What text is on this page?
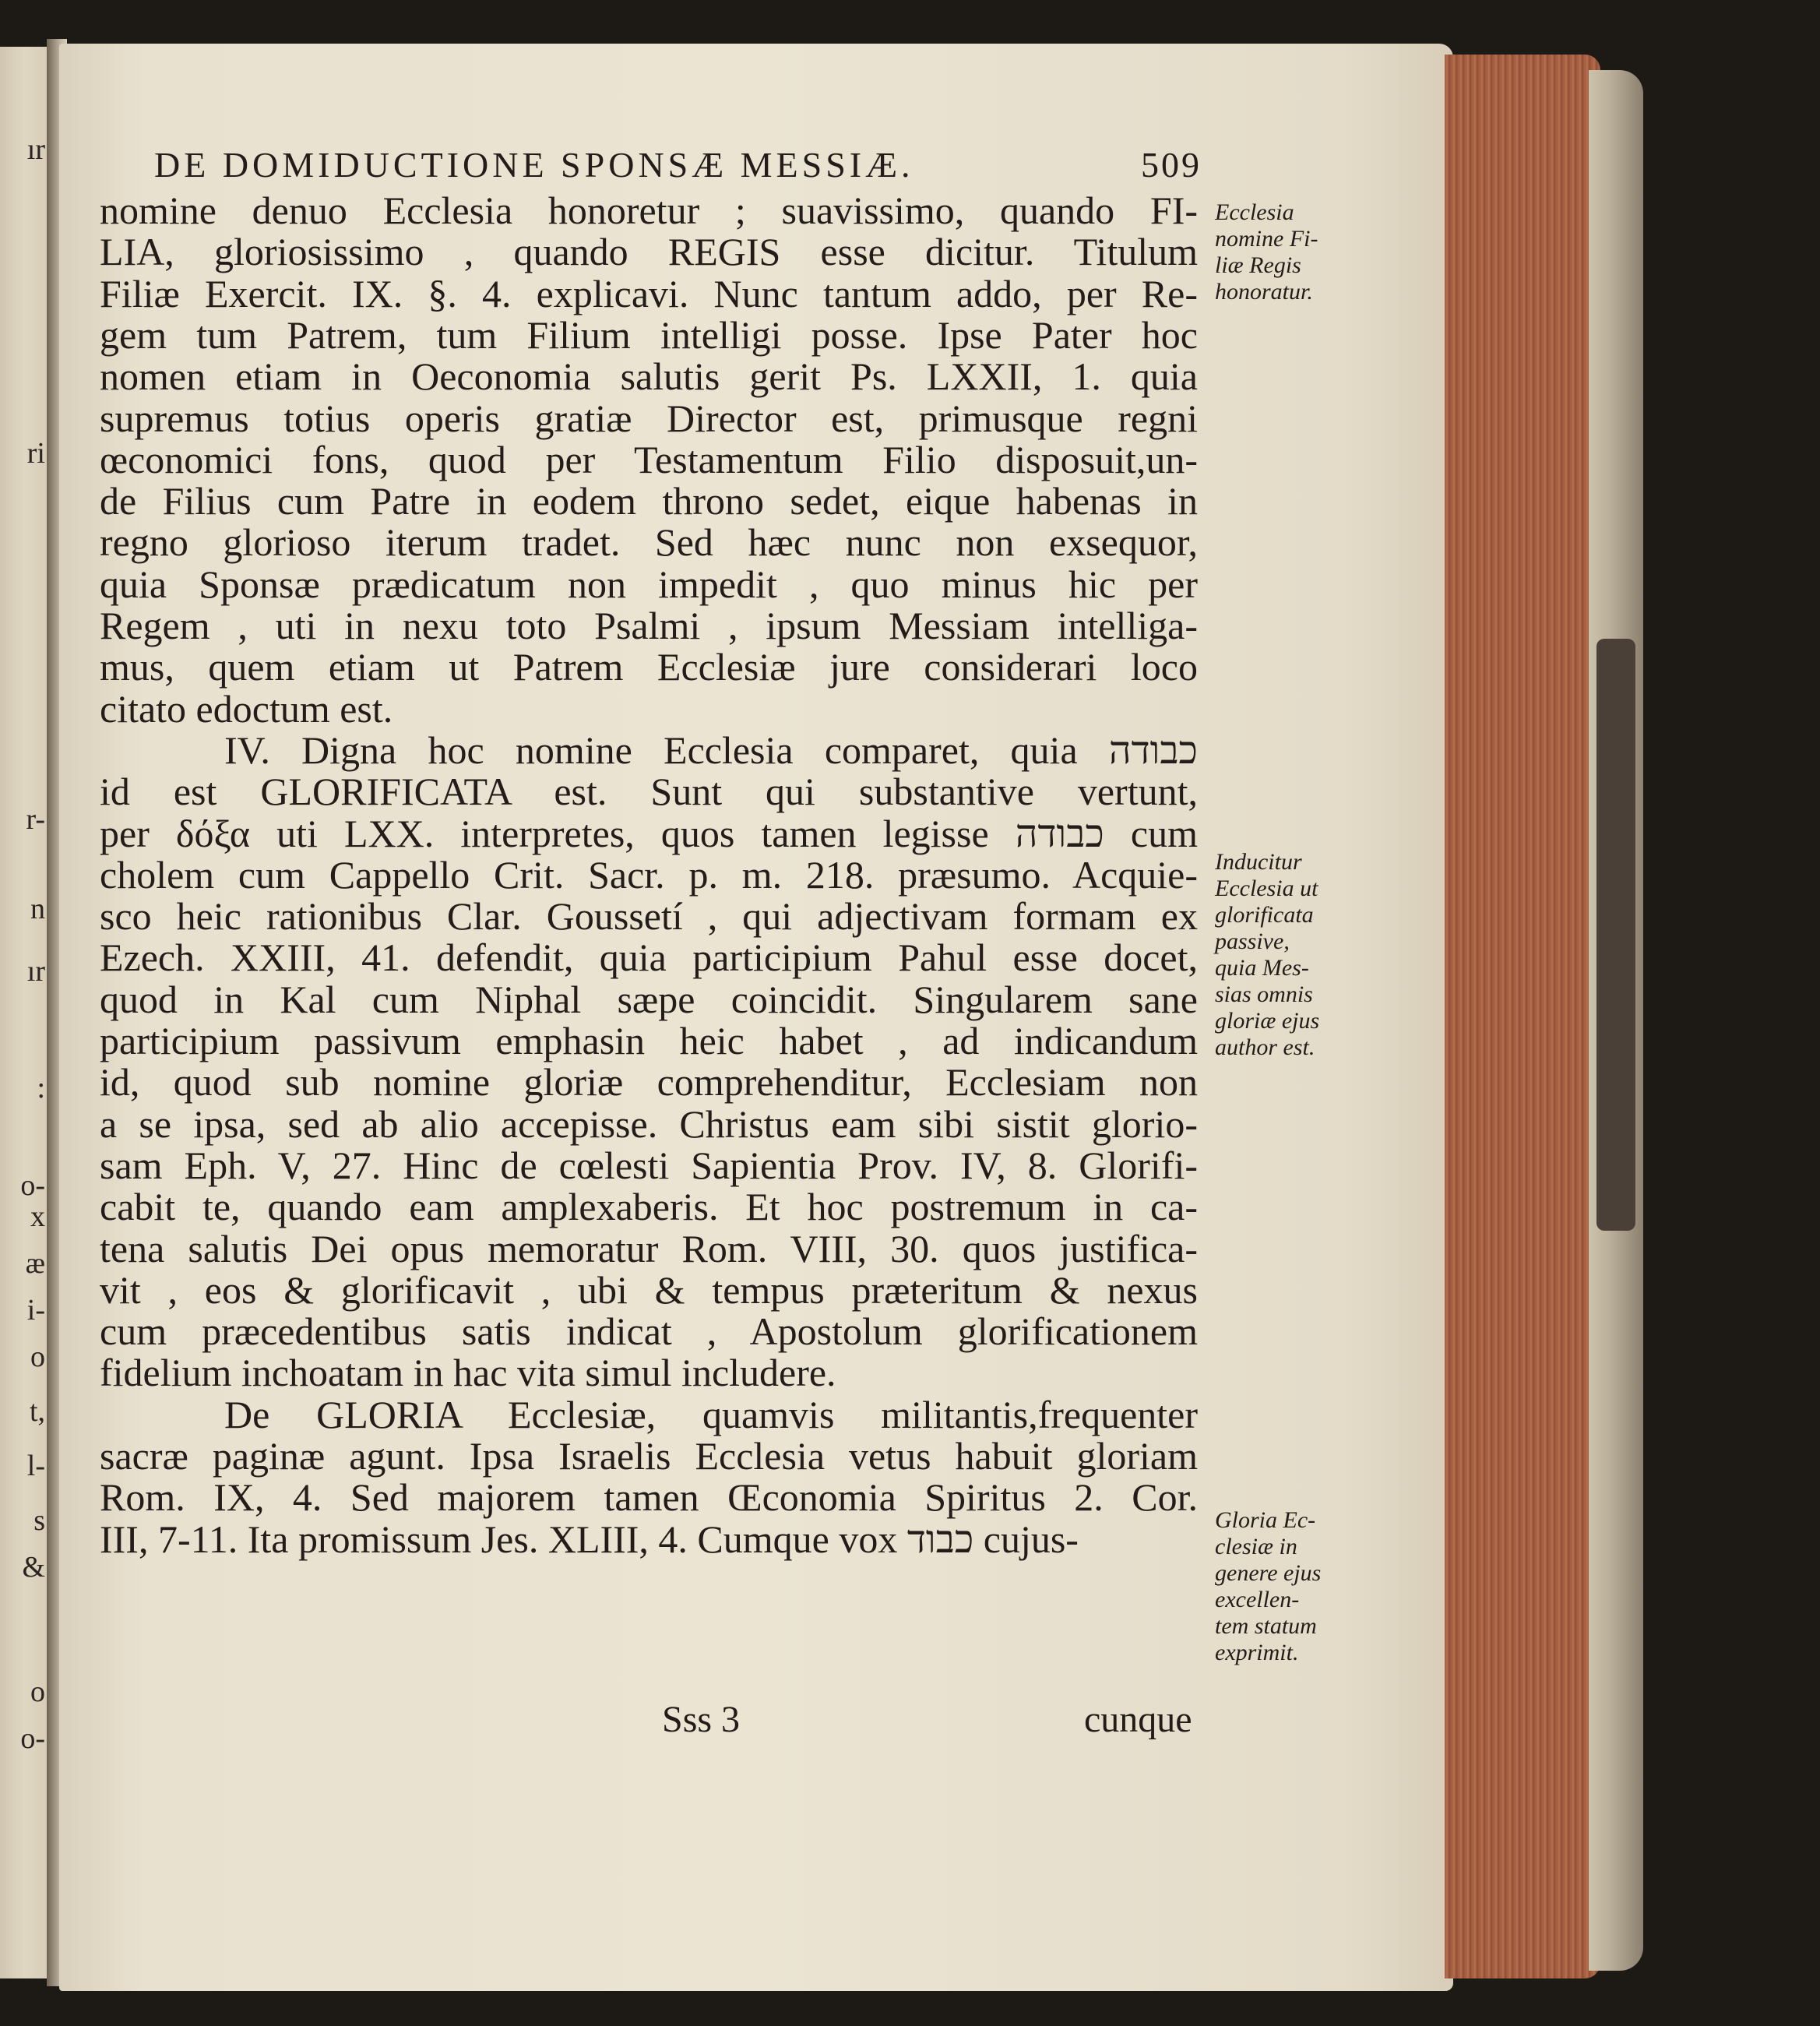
ır
ri
r-
n
ır
:
o-
x
æ
i-
o
t,
l-
s
&
o
o-
DE DOMIDUCTIONE SPONSÆ MESSIÆ.	509
nomine denuo Ecclesia honoretur ; suavissimo, quando FI-
LIA, gloriosissimo , quando REGIS esse dicitur. Titulum
Filiæ Exercit. IX. §. 4. explicavi. Nunc tantum addo, per Re-
gem tum Patrem, tum Filium intelligi posse. Ipse Pater hoc
nomen etiam in Oeconomia salutis gerit Ps. LXXII, 1. quia
supremus totius operis gratiæ Director est, primusque regni
œconomici fons, quod per Testamentum Filio disposuit,un-
de Filius cum Patre in eodem throno sedet, eique habenas in
regno glorioso iterum tradet. Sed hæc nunc non exsequor,
quia Sponsæ prædicatum non impedit , quo minus hic per
Regem , uti in nexu toto Psalmi , ipsum Messiam intelliga-
mus, quem etiam ut Patrem Ecclesiæ jure considerari loco
citato edoctum est.
IV. Digna hoc nomine Ecclesia comparet, quia כבודה
id est GLORIFICATA est. Sunt qui substantive vertunt,
per δόξα uti LXX. interpretes, quos tamen legisse כבודה cum
cholem cum Cappello Crit. Sacr. p. m. 218. præsumo. Acquie-
sco heic rationibus Clar. Goussetí , qui adjectivam formam ex
Ezech. XXIII, 41. defendit, quia participium Pahul esse docet,
quod in Kal cum Niphal sæpe coincidit. Singularem sane
participium passivum emphasin heic habet , ad indicandum
id, quod sub nomine gloriæ comprehenditur, Ecclesiam non
a se ipsa, sed ab alio accepisse. Christus eam sibi sistit glorio-
sam Eph. V, 27. Hinc de cœlesti Sapientia Prov. IV, 8. Glorifi-
cabit te, quando eam amplexaberis. Et hoc postremum in ca-
tena salutis Dei opus memoratur Rom. VIII, 30. quos justifica-
vit , eos & glorificavit , ubi & tempus præteritum & nexus
cum præcedentibus satis indicat , Apostolum glorificationem
fidelium inchoatam in hac vita simul includere.
De GLORIA Ecclesiæ, quamvis militantis,frequenter
sacræ paginæ agunt. Ipsa Israelis Ecclesia vetus habuit gloriam
Rom. IX, 4. Sed majorem tamen Œconomia Spiritus 2. Cor.
III, 7-11. Ita promissum Jes. XLIII, 4. Cumque vox כבוד cujus-
Ecclesia
nomine Fi-
liæ Regis
honoratur.
Inducitur
Ecclesia ut
glorificata
passive,
quia Mes-
sias omnis
gloriæ ejus
author est.
Gloria Ec-
clesiæ in
genere ejus
excellen-
tem statum
exprimit.
Sss 3	cunque
